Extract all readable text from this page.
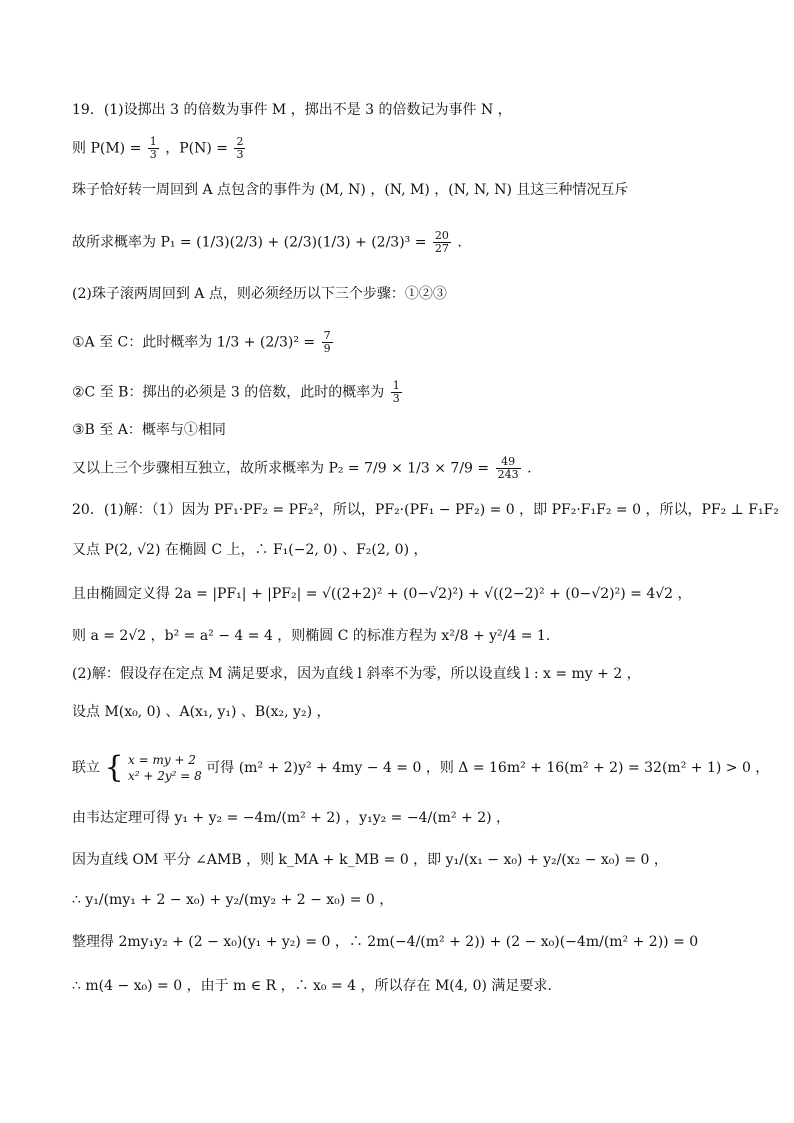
19．(1)设掷出 3 的倍数为事件 M ，掷出不是 3 的倍数记为事件 N ，
则 $P(M) = \frac{1}{3}$ ，$P(N) = \frac{2}{3}$
珠子恰好转一周回到 A 点包含的事件为 (M, N) ，(N, M) ，(N, N, N) 且这三种情况互斥
故所求概率为 $P_1 = (1/3)(2/3) + (2/3)(1/3) + (2/3)^3 = \frac{20}{27}$ .
(2)珠子滚两周回到 A 点，则必须经历以下三个步骤：①②③
①A 至 C：此时概率为 $1/3 + (2/3)^2 = \frac{7}{9}$
②C 至 B：掷出的必须是 3 的倍数，此时的概率为 $\frac{1}{3}$
③B 至 A：概率与①相同
又以上三个步骤相互独立，故所求概率为 $P_2 = 7/9 \times 1/3 \times 7/9 = \frac{49}{243}$ .
20．(1)解：（1）因为 PF₁·PF₂ = PF₂²，所以，PF₂·(PF₁ − PF₂) = 0 ，即 PF₂·F₁F₂ = 0 ，所以，PF₂ ⊥ F₁F₂
又点 P(2, √2) 在椭圆 C 上，∴ F₁(−2, 0) 、F₂(2, 0) ，
且由椭圆定义得 2a = |PF₁| + |PF₂| = √((2+2)² + (0−√2)²) + √((2−2)² + (0−√2)²) = 4√2 ，
则 a = 2√2 ，b² = a² − 4 = 4 ，则椭圆 C 的标准方程为 x²/8 + y²/4 = 1.
(2)解：假设存在定点 M 满足要求，因为直线 l 斜率不为零，所以设直线 l : x = my + 2 ，
设点 M(x₀, 0) 、A(x₁, y₁) 、B(x₂, y₂) ，
联立 { x = my + 2
x² + 2y² = 8 可得 (m² + 2)y² + 4my − 4 = 0 ，则 Δ = 16m² + 16(m² + 2) = 32(m² + 1) > 0 ，
由韦达定理可得 y₁ + y₂ = −4m/(m² + 2) ，y₁y₂ = −4/(m² + 2) ，
因为直线 OM 平分 ∠AMB ，则 k_MA + k_MB = 0 ，即 y₁/(x₁ − x₀) + y₂/(x₂ − x₀) = 0 ，
∴ y₁/(my₁ + 2 − x₀) + y₂/(my₂ + 2 − x₀) = 0 ，
整理得 2my₁y₂ + (2 − x₀)(y₁ + y₂) = 0 ，∴ 2m(−4/(m² + 2)) + (2 − x₀)(−4m/(m² + 2)) = 0
∴ m(4 − x₀) = 0 ，由于 m ∈ R ，∴ x₀ = 4 ，所以存在 M(4, 0) 满足要求.
